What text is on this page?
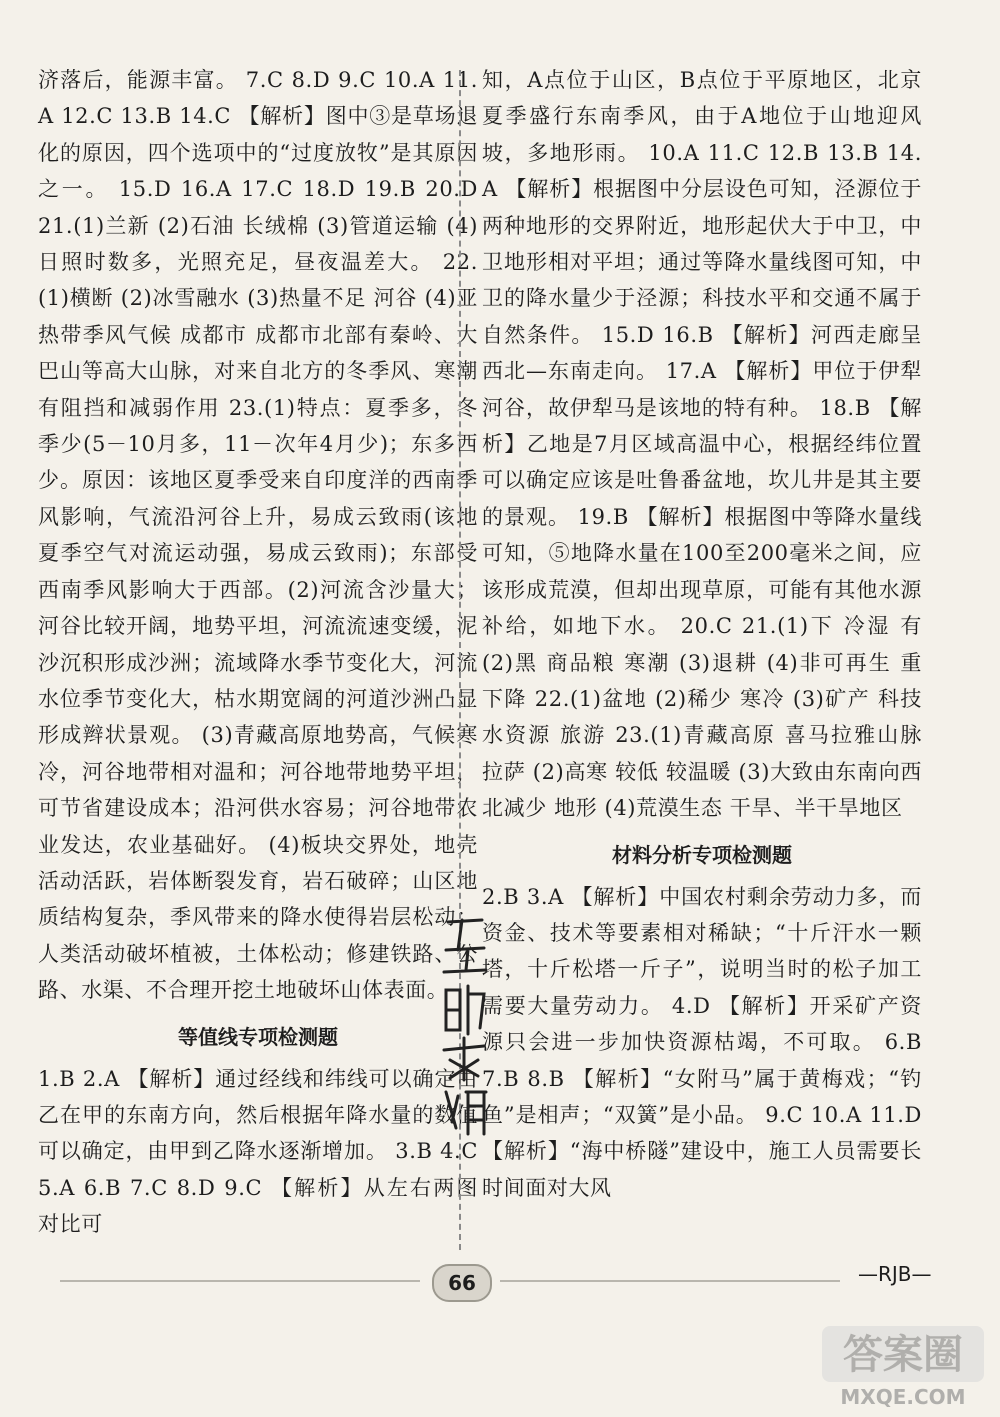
济落后，能源丰富。 7.C 8.D 9.C 10.A 11.A 12.C 13.B 14.C 【解析】图中③是草场退化的原因，四个选项中的“过度放牧”是其原因之一。 15.D 16.A 17.C 18.D 19.B 20.D 21.(1)兰新 (2)石油 长绒棉 (3)管道运输 (4)日照时数多，光照充足，昼夜温差大。 22.(1)横断 (2)冰雪融水 (3)热量不足 河谷 (4)亚热带季风气候 成都市 成都市北部有秦岭、大巴山等高大山脉，对来自北方的冬季风、寒潮有阻挡和减弱作用 23.(1)特点：夏季多，冬季少(5－10月多，11－次年4月少)；东多西少。原因：该地区夏季受来自印度洋的西南季风影响，气流沿河谷上升，易成云致雨(该地夏季空气对流运动强，易成云致雨)；东部受西南季风影响大于西部。(2)河流含沙量大；河谷比较开阔，地势平坦，河流流速变缓，泥沙沉积形成沙洲；流域降水季节变化大，河流水位季节变化大，枯水期宽阔的河道沙洲凸显形成辫状景观。 (3)青藏高原地势高，气候寒冷，河谷地带相对温和；河谷地带地势平坦，可节省建设成本；沿河供水容易；河谷地带农业发达，农业基础好。 (4)板块交界处，地壳活动活跃，岩体断裂发育，岩石破碎；山区地质结构复杂，季风带来的降水使得岩层松动；人类活动破坏植被，土体松动；修建铁路、公路、水渠、不合理开挖土地破坏山体表面。

等值线专项检测题

1.B 2.A 【解析】通过经线和纬线可以确定由乙在甲的东南方向，然后根据年降水量的数值可以确定，由甲到乙降水逐渐增加。 3.B 4.C 5.A 6.B 7.C 8.D 9.C 【解析】从左右两图对比可

知，A点位于山区，B点位于平原地区，北京夏季盛行东南季风，由于A地位于山地迎风坡，多地形雨。 10.A 11.C 12.B 13.B 14.A 【解析】根据图中分层设色可知，泾源位于两种地形的交界附近，地形起伏大于中卫，中卫地形相对平坦；通过等降水量线图可知，中卫的降水量少于泾源；科技水平和交通不属于自然条件。 15.D 16.B 【解析】河西走廊呈西北—东南走向。 17.A 【解析】甲位于伊犁河谷，故伊犁马是该地的特有种。 18.B 【解析】乙地是7月区域高温中心，根据经纬位置可以确定应该是吐鲁番盆地，坎儿井是其主要的景观。 19.B 【解析】根据图中等降水量线可知，⑤地降水量在100至200毫米之间，应该形成荒漠，但却出现草原，可能有其他水源补给，如地下水。 20.C 21.(1)下 冷湿 有 (2)黑 商品粮 寒潮 (3)退耕 (4)非可再生 重 下降 22.(1)盆地 (2)稀少 寒冷 (3)矿产 科技 水资源 旅游 23.(1)青藏高原 喜马拉雅山脉 拉萨 (2)高寒 较低 较温暖 (3)大致由东南向西北减少 地形 (4)荒漠生态 干旱、半干旱地区

材料分析专项检测题

2.B 3.A 【解析】中国农村剩余劳动力多，而资金、技术等要素相对稀缺；“十斤汗水一颗塔，十斤松塔一斤子”，说明当时的松子加工需要大量劳动力。 4.D 【解析】开采矿产资源只会进一步加快资源枯竭，不可取。 6.B 7.B 8.B 【解析】“女附马”属于黄梅戏；“钓鱼”是相声；“双簧”是小品。 9.C 10.A 11.D 【解析】“海中桥隧”建设中，施工人员需要长时间面对大风

66	—RJB—
答案圈
MXQE.COM
